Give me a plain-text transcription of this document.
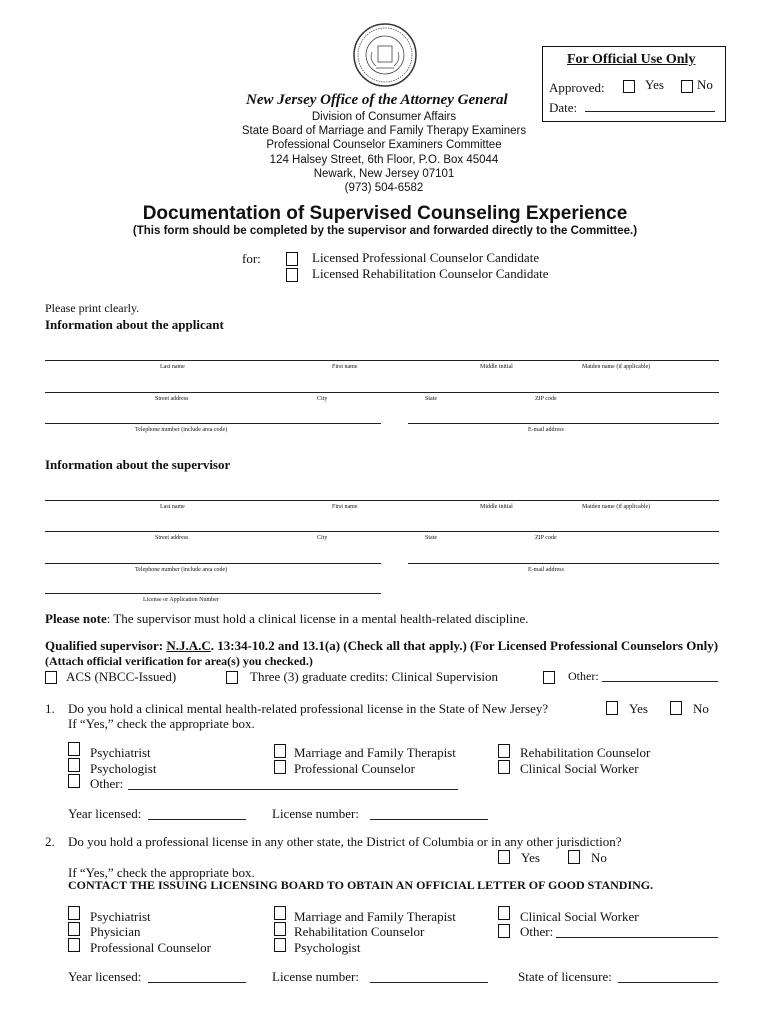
For Official Use Only
Approved:	Yes	No
Date:
New Jersey Office of the Attorney General
Division of Consumer Affairs
State Board of Marriage and Family Therapy Examiners
Professional Counselor Examiners Committee
124 Halsey Street, 6th Floor, P.O. Box 45044
Newark, New Jersey 07101
(973) 504-6582
Documentation of Supervised Counseling Experience
(This form should be completed by the supervisor and forwarded directly to the Committee.)
for:	Licensed Professional Counselor Candidate
Licensed Rehabilitation Counselor Candidate
Please print clearly.
Information about the applicant
Last name	First name	Middle initial	Maiden name (if applicable)
Street address	City	State	ZIP code
Telephone number (include area code)	E-mail address
Information about the supervisor
Last name	First name	Middle initial	Maiden name (if applicable)
Street address	City	State	ZIP code
Telephone number (include area code)	E-mail address
License or Application Number
Please note: The supervisor must hold a clinical license in a mental health-related discipline.
Qualified supervisor: N.J.A.C. 13:34-10.2 and 13.1(a) (Check all that apply.) (For Licensed Professional Counselors Only)
(Attach official verification for area(s) you checked.)
ACS (NBCC-Issued)	Three (3) graduate credits: Clinical Supervision	Other:
1. Do you hold a clinical mental health-related professional license in the State of New Jersey?	Yes	No
If “Yes,” check the appropriate box.
Psychiatrist
Psychologist
Other:
Marriage and Family Therapist
Professional Counselor
Rehabilitation Counselor
Clinical Social Worker
Year licensed:	License number:
2. Do you hold a professional license in any other state, the District of Columbia or in any other jurisdiction?
Yes	No
If “Yes,” check the appropriate box.
CONTACT THE ISSUING LICENSING BOARD TO OBTAIN AN OFFICIAL LETTER OF GOOD STANDING.
Psychiatrist
Physician
Professional Counselor
Marriage and Family Therapist
Rehabilitation Counselor
Psychologist
Clinical Social Worker
Other:
Year licensed:	License number:	State of licensure:
